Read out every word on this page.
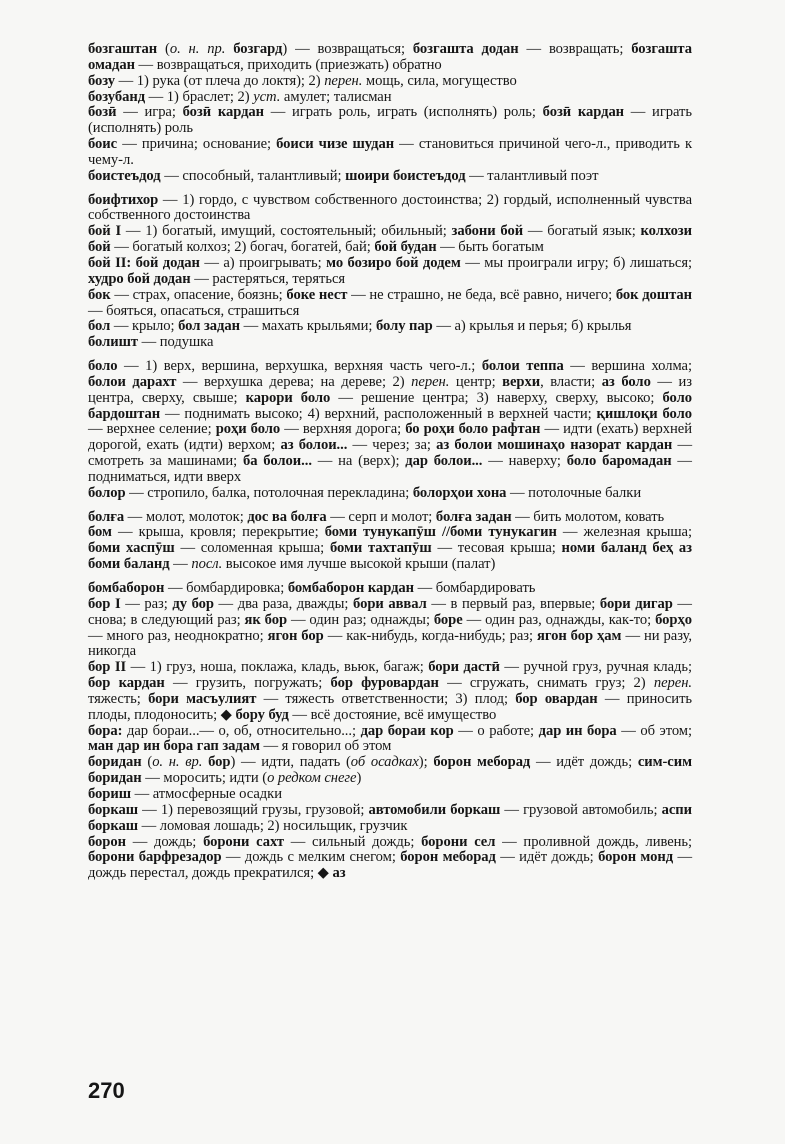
бозгаштан (о. н. пр. бозгард) — возвращаться; бозгашта додан — возвращать; бозгашта омадан — возвращаться, приходить (приезжать) обратно

бозу — 1) рука (от плеча до локтя); 2) перен. мощь, сила, могущество

бозубанд — 1) браслет; 2) уст. амулет; талисман

бозӣ — игра; бозӣ кардан — играть роль, играть (исполнять) роль; бозӣ кардан — играть (исполнять) роль

боис — причина; основание; боиси чизе шудан — становиться причиной чего-л., приводить к чему-л.

боистеъдод — способный, талантливый; шоири боистеъдод — талантливый поэт

боифтихор — 1) гордо, с чувством собственного достоинства; 2) гордый, исполненный чувства собственного достоинства

бой I — 1) богатый, имущий, состоятельный; обильный; забони бой — богатый язык; колхози бой — богатый колхоз; 2) богач, богатей, бай; бой будан — быть богатым

бой II: бой додан — а) проигрывать; мо бозиро бой додем — мы проиграли игру; б) лишаться; худро бой додан — растеряться, теряться

бок — страх, опасение, боязнь; боке нест — не страшно, не беда, всё равно, ничего; бок доштан — бояться, опасаться, страшиться

бол — крыло; бол задан — махать крыльями; болу пар — а) крылья и перья; б) крылья

болишт — подушка

боло — 1) верх, вершина, верхушка, верхняя часть чего-л.; болои теппа — вершина холма; болои дарахт — верхушка дерева; на дереве; 2) перен. центр; верхи, власти; аз боло — из центра, сверху, свыше; карори боло — решение центра; 3) наверху, сверху, высоко; боло бардоштан — поднимать высоко; 4) верхний, расположенный в верхней части; қишлоқи боло — верхнее селение; роҳи боло — верхняя дорога; бо роҳи боло рафтан — идти (ехать) верхней дорогой, ехать (идти) верхом; аз болои... — через; за; аз болои мошинаҳо назорат кардан — смотреть за машинами; ба болои... — на (верх); дар болои... — наверху; боло баромадан — подниматься, идти вверх

болор — стропило, балка, потолочная перекладина; болорҳои хона — потолочные балки

болға — молот, молоток; дос ва болға — серп и молот; болға задан — бить молотом, ковать

бом — крыша, кровля; перекрытие; боми тунукапӯш //боми тунукагин — железная крыша; боми хаспӯш — соломенная крыша; боми тахтапӯш — тесовая крыша; номи баланд беҳ аз боми баланд — посл. высокое имя лучше высокой крыши (палат)

бомбаборон — бомбардировка; бомбаборон кардан — бомбардировать

бор I — раз; ду бор — два раза, дважды; бори аввал — в первый раз, впервые; бори дигар — снова; в следующий раз; як бор — один раз; однажды; боре — один раз, однажды, как-то; борҳо — много раз, неоднократно; ягон бор — как-нибудь, когда-нибудь; раз; ягон бор ҳам — ни разу, никогда

бор II — 1) груз, ноша, поклажа, кладь, вьюк, багаж; бори дастӣ — ручной груз, ручная кладь; бор кардан — грузить, погружать; бор фуровардан — сгружать, снимать груз; 2) перен. тяжесть; бори масъулият — тяжесть ответственности; 3) плод; бор овардан — приносить плоды, плодоносить; ◆ бору буд — всё достояние, всё имущество

бора: дар бораи...— о, об, относительно...; дар бораи кор — о работе; дар ин бора — об этом; ман дар ин бора гап задам — я говорил об этом

боридан (о. н. вр. бор) — идти, падать (об осадках); борон меборад — идёт дождь; сим-сим боридан — моросить; идти (о редком снеге)

бориш — атмосферные осадки

боркаш — 1) перевозящий грузы, грузовой; автомобили боркаш — грузовой автомобиль; аспи боркаш — ломовая лошадь; 2) носильщик, грузчик

борон — дождь; борони сахт — сильный дождь; борони сел — проливной дождь, ливень; борони барфрезадор — дождь с мелким снегом; борон меборад — идёт дождь; борон монд — дождь перестал, дождь прекратился; ◆ аз

270
